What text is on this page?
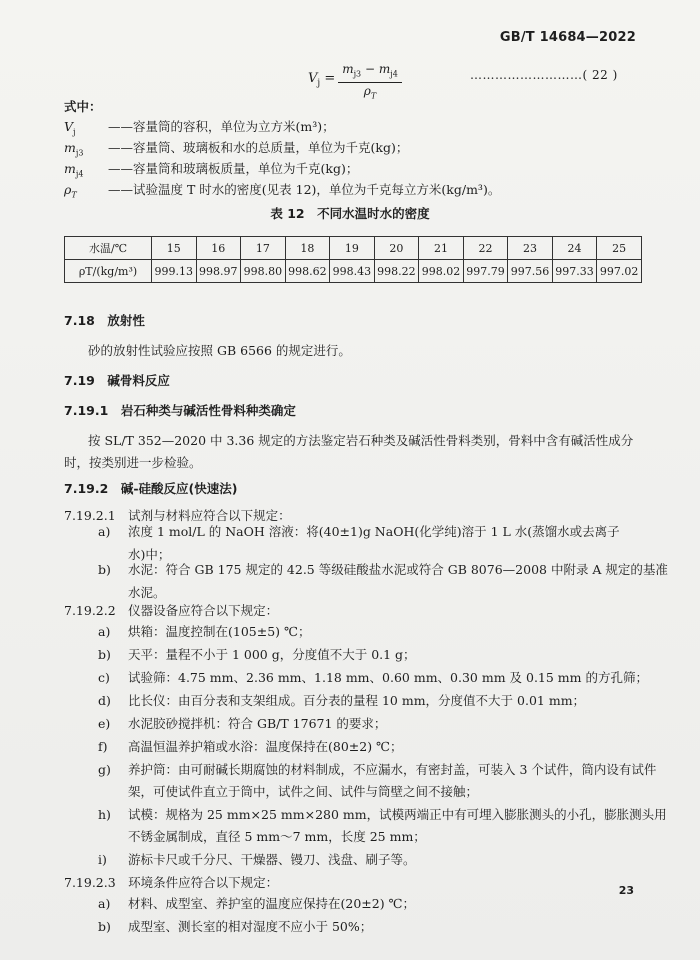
GB/T 14684—2022
$V_j$ =
$m_{j3} - m_{j4}$
$\rho_T$
………………………( 22 )
式中：
$V_j$	——容量筒的容积，单位为立方米(m³)；
$m_{j3}$ ——容量筒、玻璃板和水的总质量，单位为千克(kg)；
$m_{j4}$ ——容量筒和玻璃板质量，单位为千克(kg)；
$\rho_T$	——试验温度 T 时水的密度(见表 12)，单位为千克每立方米(kg/m³)。
表 12　不同水温时水的密度
水温/℃	15	16	17	18	19	20	21	22	23	24	25
ρT/(kg/m³)	999.13	998.97	998.80	998.62	998.43	998.22	998.02	997.79	997.56	997.33	997.02
7.18　 放射性
砂的放射性试验应按照 GB 6566 的规定进行。
7.19　 碱骨料反应
7.19.1　 岩石种类与碱活性骨料种类确定
按 SL/T 352—2020 中 3.36 规定的方法鉴定岩石种类及碱活性骨料类别，骨料中含有碱活性成分
时，按类别进一步检验。
7.19.2　 碱-硅酸反应(快速法)
7.19.2.1　试剂与材料应符合以下规定：
a) 浓度 1 mol/L 的 NaOH 溶液：将(40±1)g NaOH(化学纯)溶于 1 L 水(蒸馏水或去离子
水)中；
b) 水泥：符合 GB 175 规定的 42.5 等级硅酸盐水泥或符合 GB 8076—2008 中附录 A 规定的基准
水泥。
7.19.2.2　仪器设备应符合以下规定：
a) 烘箱：温度控制在(105±5) ℃；
b) 天平：量程不小于 1 000 g，分度值不大于 0.1 g；
c) 试验筛：4.75 mm、2.36 mm、1.18 mm、0.60 mm、0.30 mm 及 0.15 mm 的方孔筛；
d) 比长仪：由百分表和支架组成。百分表的量程 10 mm，分度值不大于 0.01 mm；
e) 水泥胶砂搅拌机：符合 GB/T 17671 的要求；
f) 高温恒温养护箱或水浴：温度保持在(80±2) ℃；
g) 养护筒：由可耐碱长期腐蚀的材料制成，不应漏水，有密封盖，可装入 3 个试件，筒内设有试件
架，可使试件直立于筒中，试件之间、试件与筒壁之间不接触；
h) 试模：规格为 25 mm×25 mm×280 mm，试模两端正中有可埋入膨胀测头的小孔，膨胀测头用
不锈金属制成，直径 5 mm～7 mm，长度 25 mm；
i) 游标卡尺或千分尺、干燥器、镘刀、浅盘、刷子等。
7.19.2.3　环境条件应符合以下规定：
a) 材料、成型室、养护室的温度应保持在(20±2) ℃；
b) 成型室、测长室的相对湿度不应小于 50%；
23
